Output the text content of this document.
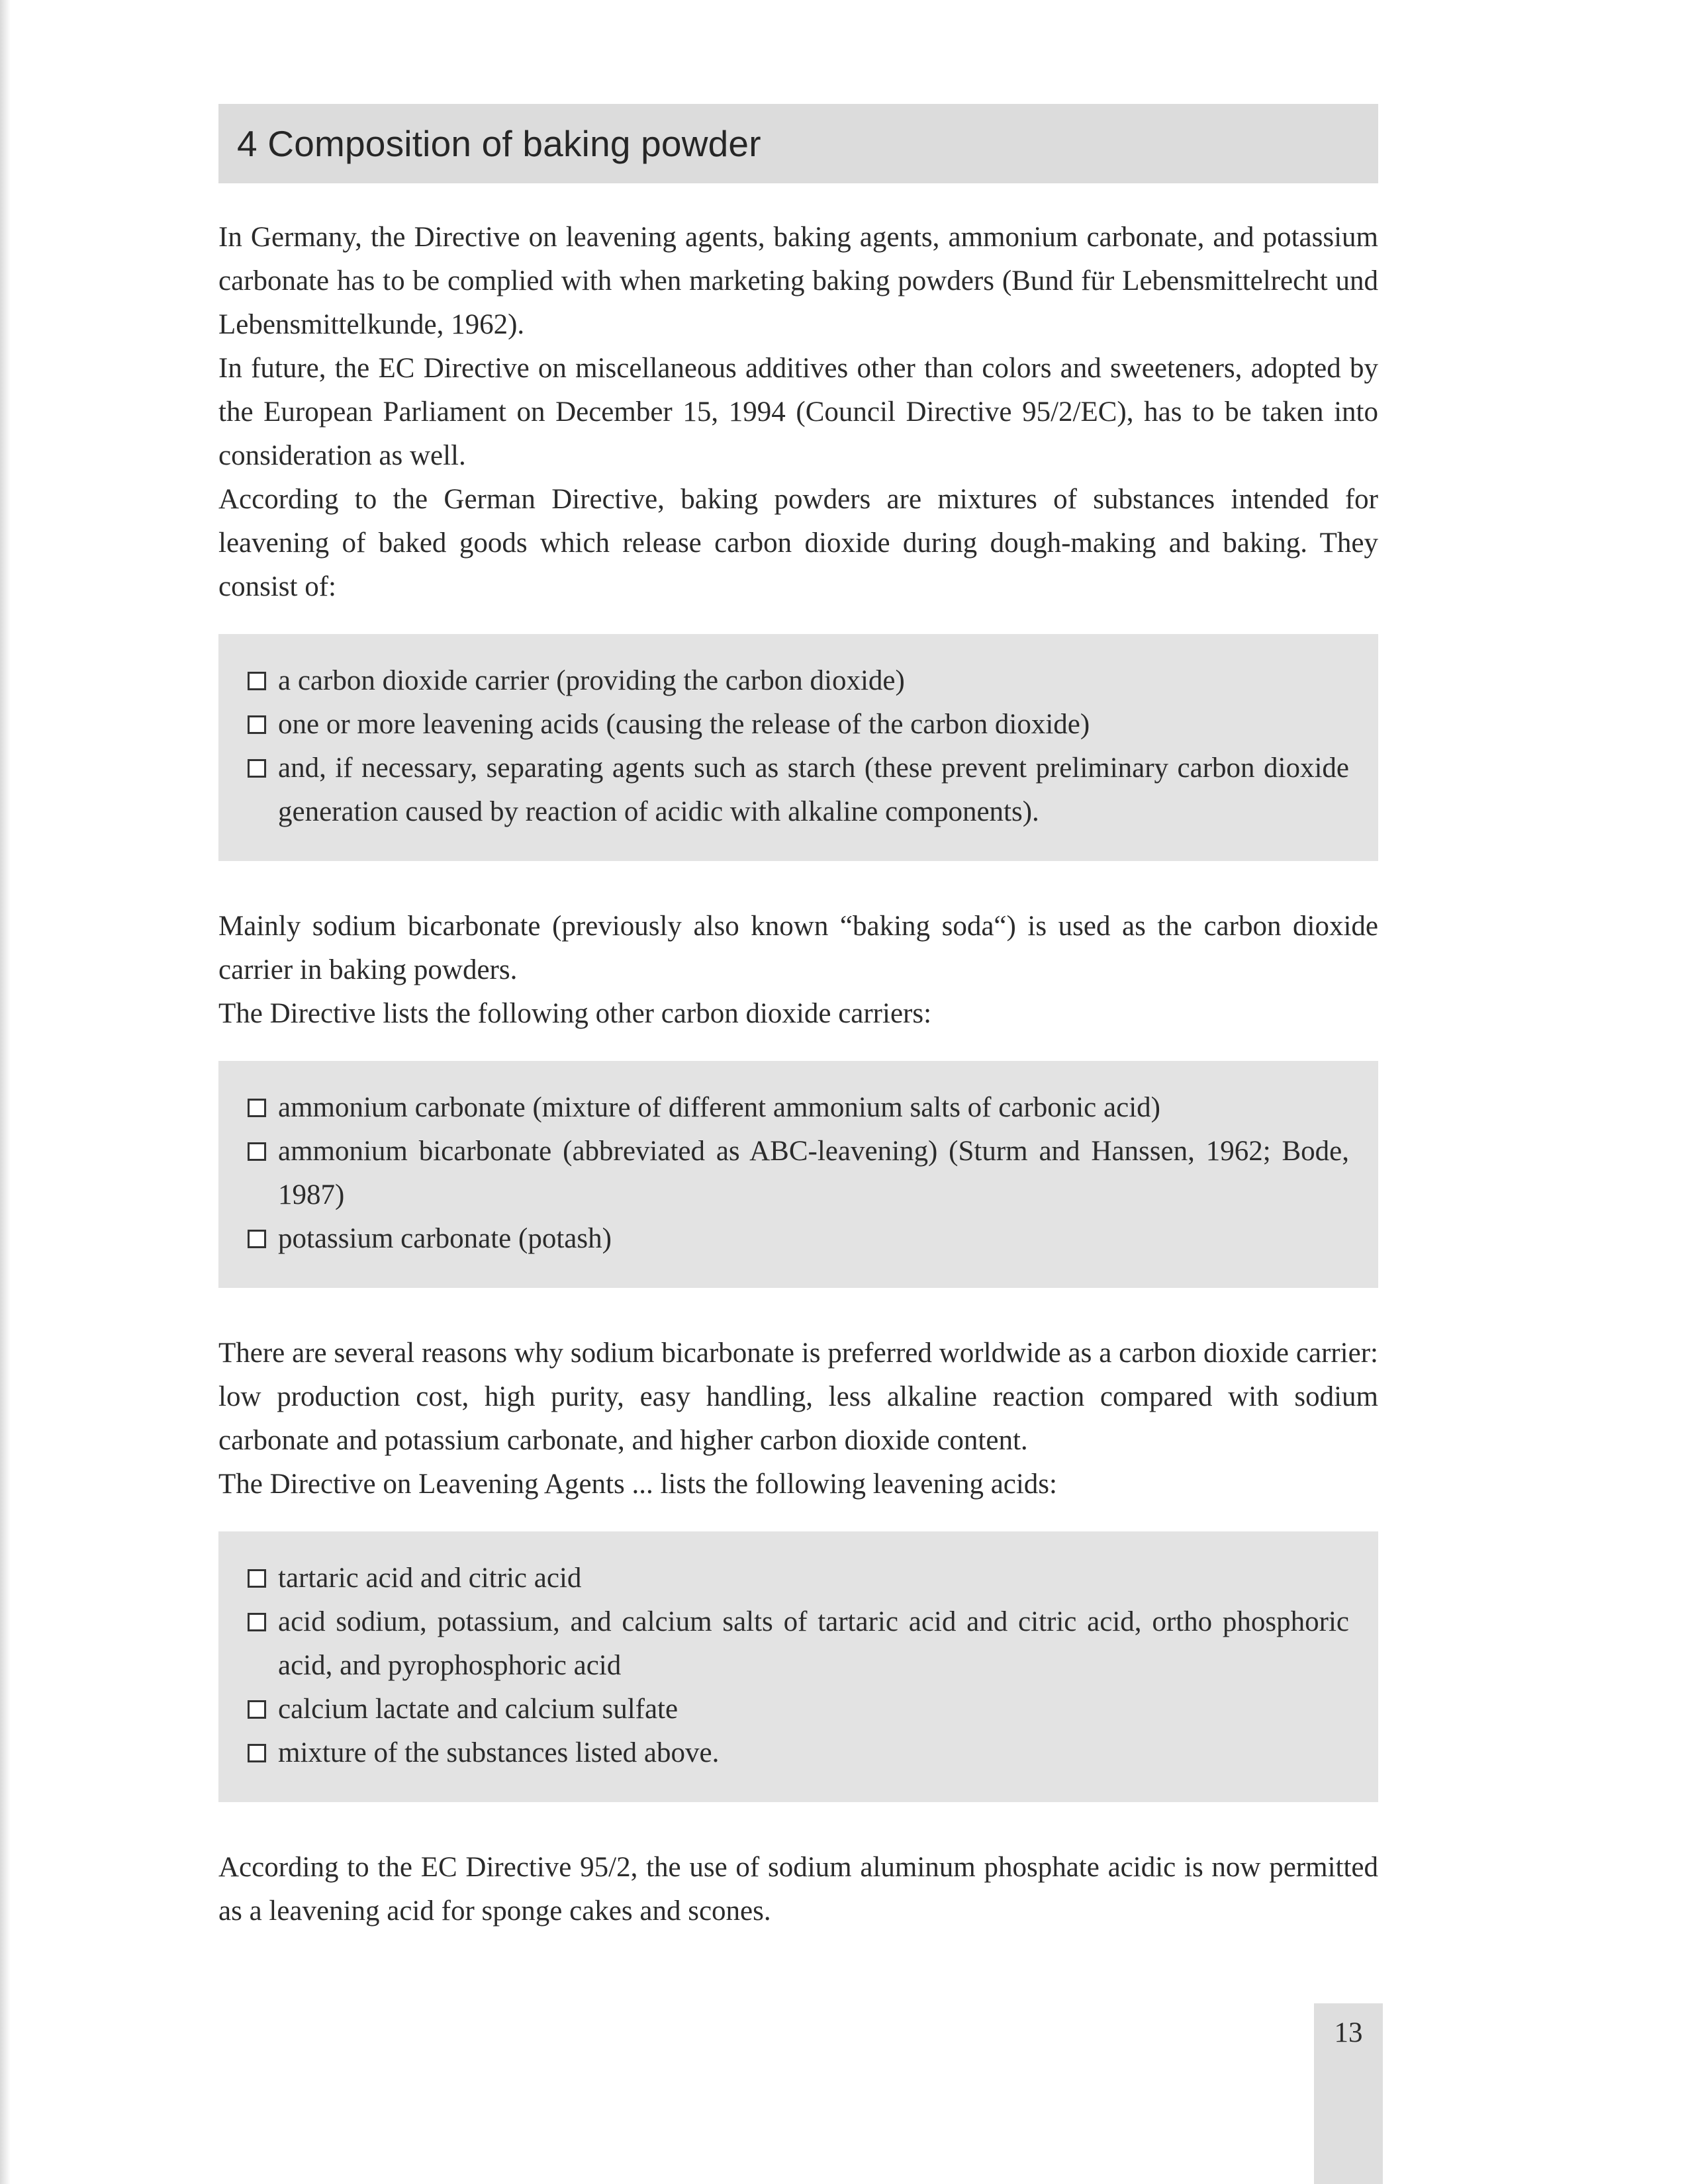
4 Composition of baking powder

In Germany, the Directive on leavening agents, baking agents, ammonium carbonate, and potassium carbonate has to be complied with when marketing baking powders (Bund für Lebensmittelrecht und Lebensmittelkunde, 1962).

In future, the EC Directive on miscellaneous additives other than colors and sweeteners, adopted by the European Parliament on December 15, 1994 (Council Directive 95/2/EC), has to be taken into consideration as well.

According to the German Directive, baking powders are mixtures of substances intended for leavening of baked goods which release carbon dioxide during dough-making and baking. They consist of:

a carbon dioxide carrier (providing the carbon dioxide)
one or more leavening acids (causing the release of the carbon dioxide)
and, if necessary, separating agents such as starch (these prevent preliminary carbon dioxide generation caused by reaction of acidic with alkaline components).

Mainly sodium bicarbonate (previously also known “baking soda“) is used as the carbon dioxide carrier in baking powders.

The Directive lists the following other carbon dioxide carriers:

ammonium carbonate (mixture of different ammonium salts of carbonic acid)
ammonium bicarbonate (abbreviated as ABC-leavening) (Sturm and Hanssen, 1962; Bode, 1987)
potassium carbonate (potash)

There are several reasons why sodium bicarbonate is preferred worldwide as a carbon dioxide carrier: low production cost, high purity, easy handling, less alkaline reaction compared with sodium carbonate and potassium carbonate, and higher carbon dioxide content.

The Directive on Leavening Agents ... lists the following leavening acids:

tartaric acid and citric acid
acid sodium, potassium, and calcium salts of tartaric acid and citric acid, ortho phosphoric acid, and pyrophosphoric acid
calcium lactate and calcium sulfate
mixture of the substances listed above.

According to the EC Directive 95/2, the use of sodium aluminum phosphate acidic is now permitted as a leavening acid for sponge cakes and scones.

13
